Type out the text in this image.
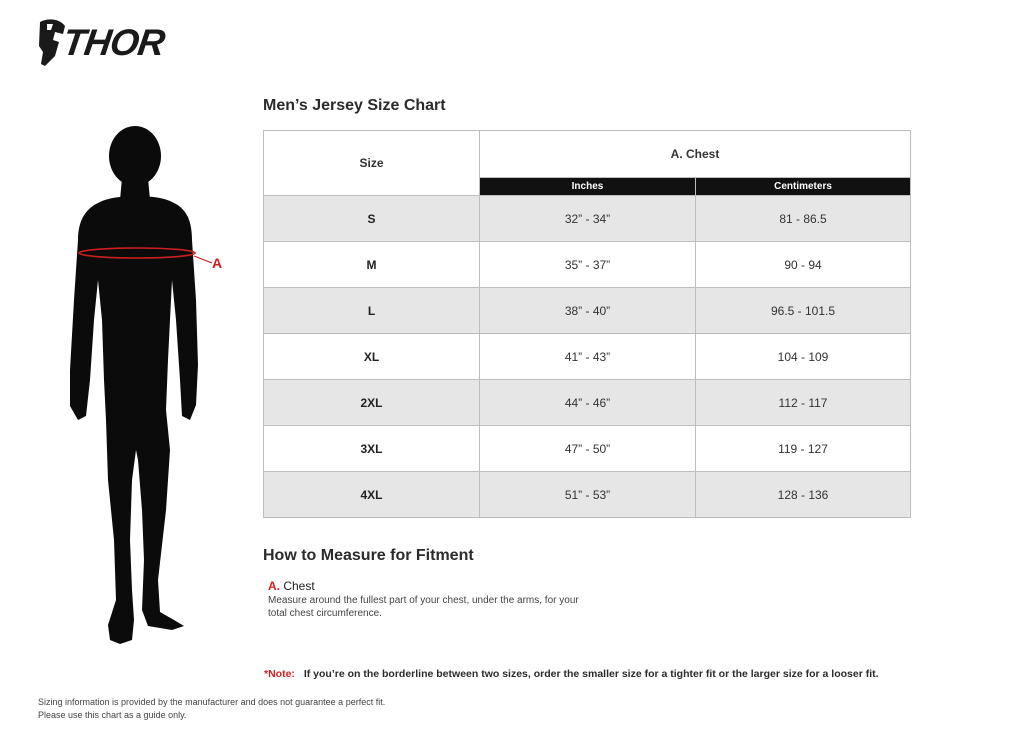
THOR
A
Men’s Jersey Size Chart
Size	A. Chest	
	Inches	Centimeters
S	32” - 34”	81 - 86.5
M	35” - 37”	90 - 94
L	38” - 40”	96.5 - 101.5
XL	41” - 43”	104 - 109
2XL	44” - 46”	112 - 117
3XL	47” - 50”	119 - 127
4XL	51” - 53”	128 - 136
How to Measure for Fitment
A. Chest
Measure around the fullest part of your chest, under the arms, for your
total chest circumference.
*Note: If you’re on the borderline between two sizes, order the smaller size for a tighter fit or the larger size for a looser fit.
Sizing information is provided by the manufacturer and does not guarantee a perfect fit.
Please use this chart as a guide only.
